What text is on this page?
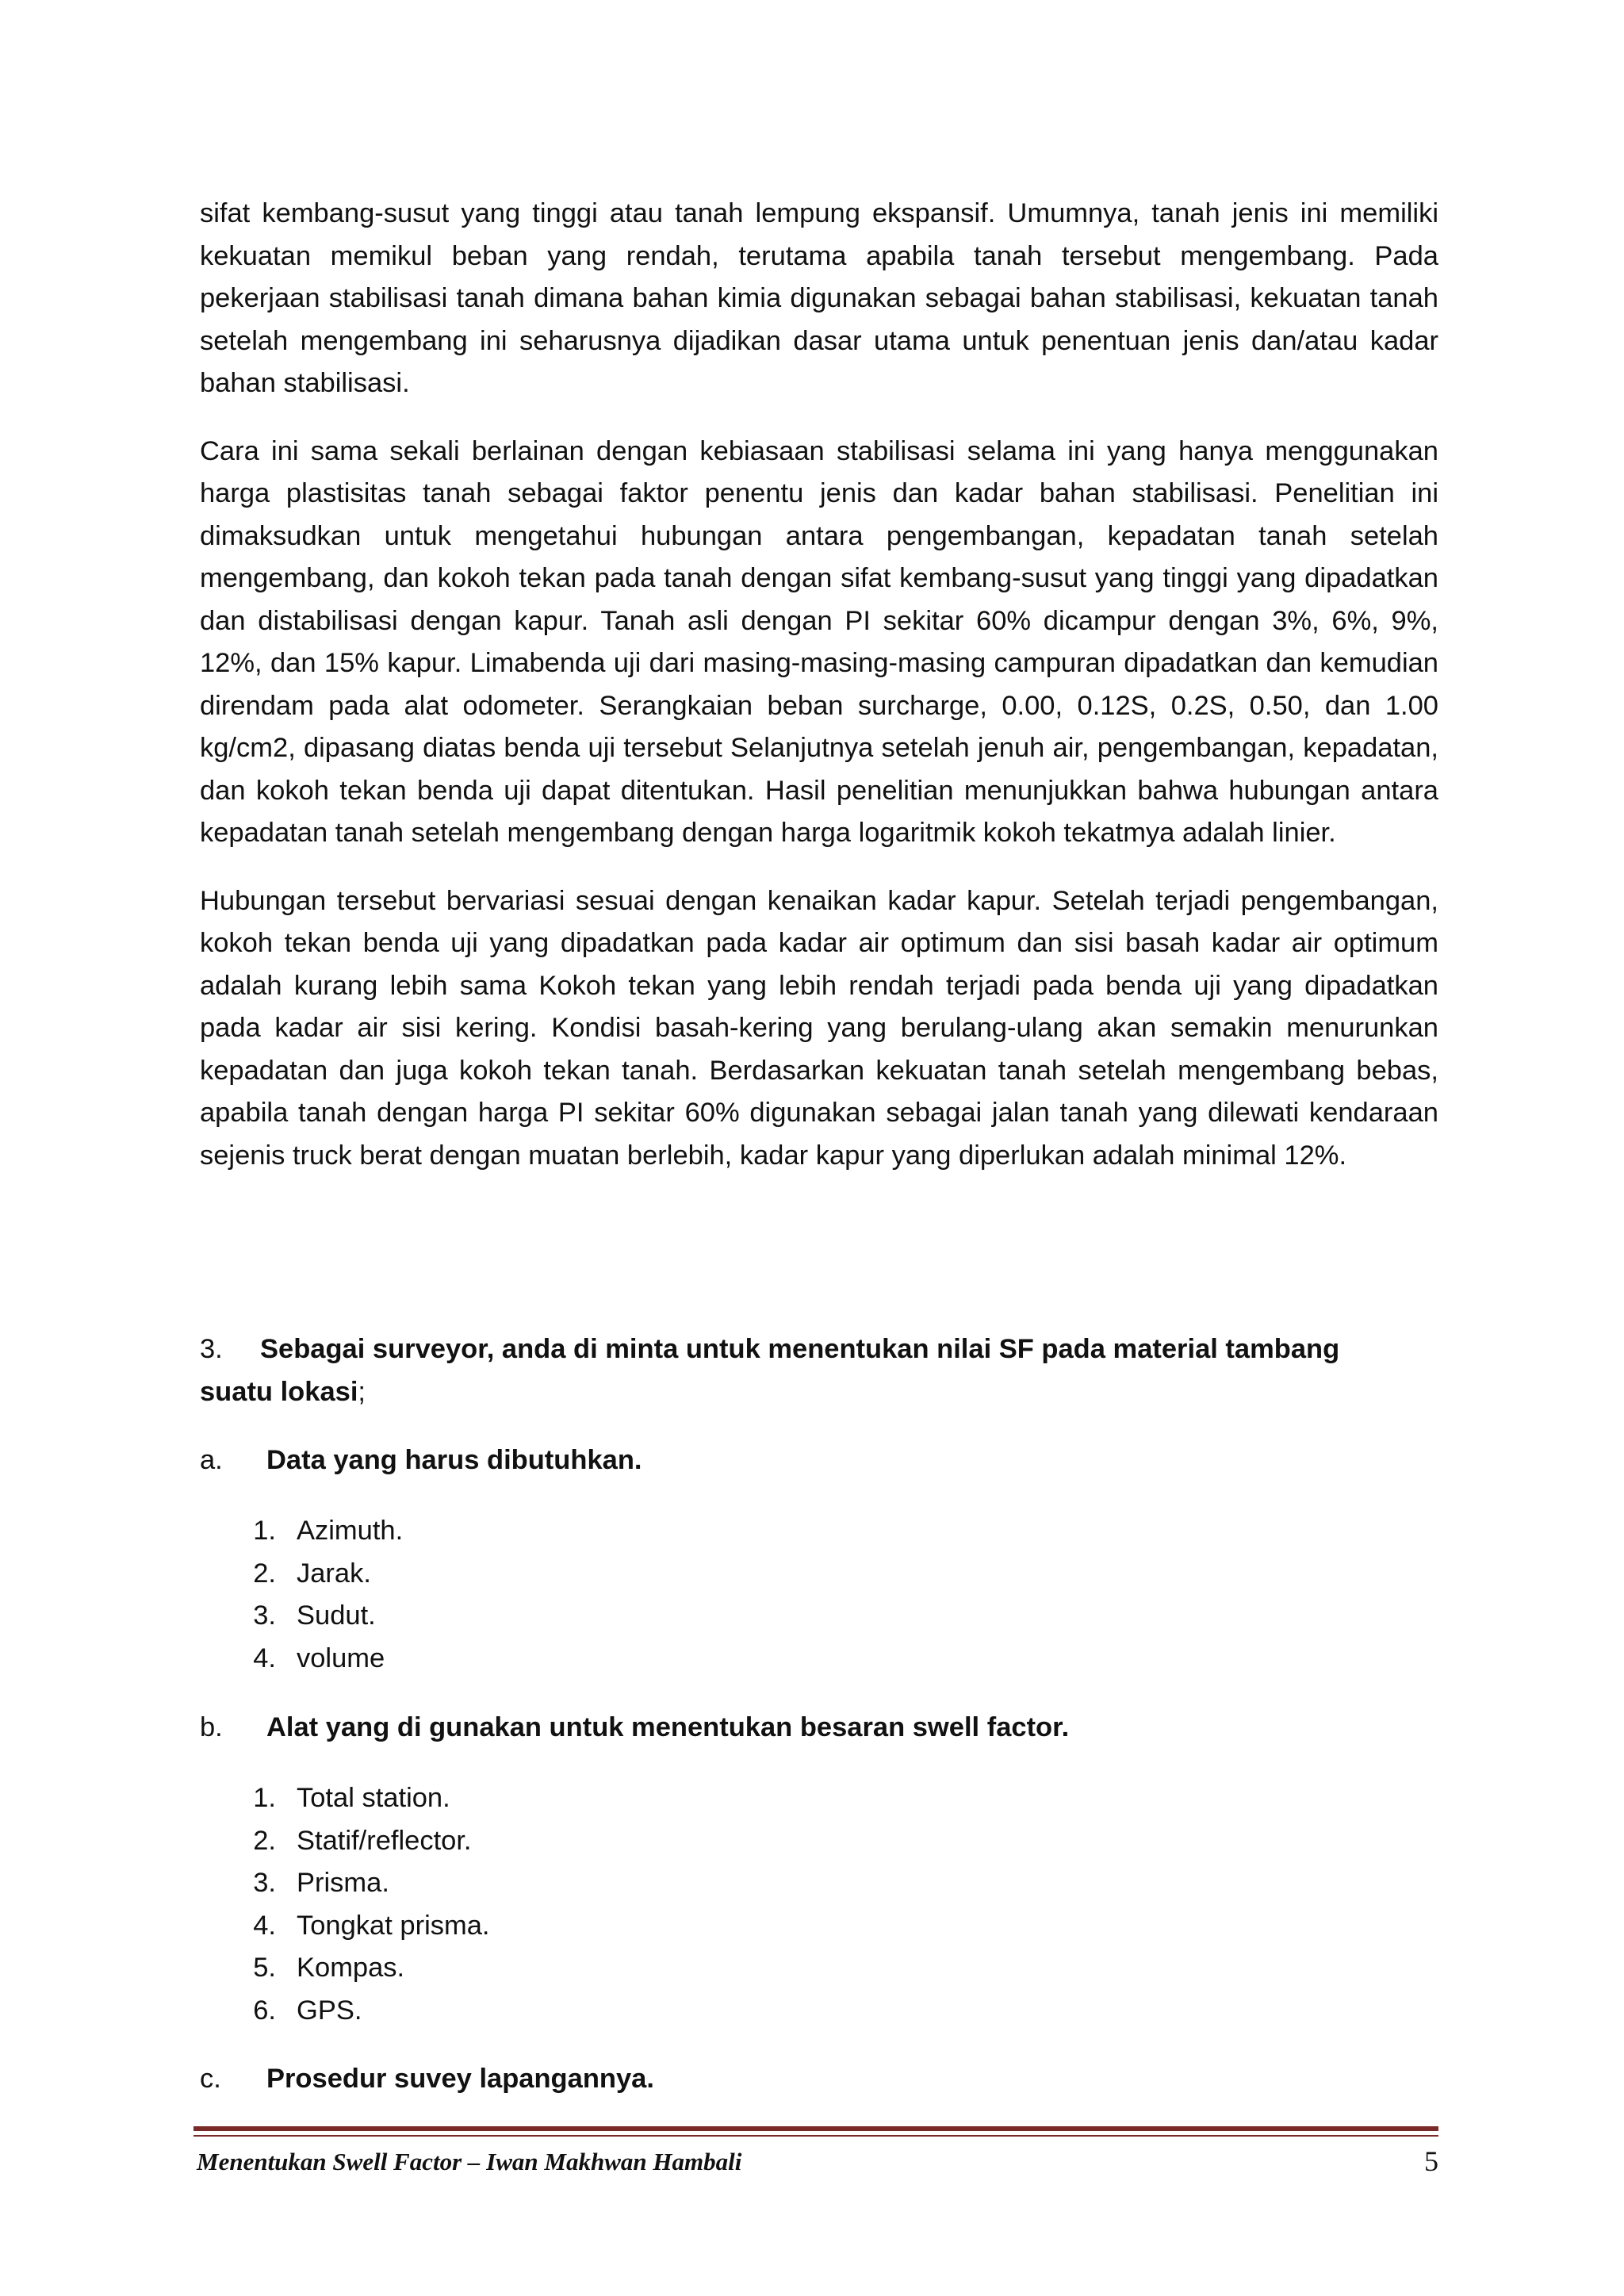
sifat kembang-susut yang tinggi atau tanah lempung ekspansif. Umumnya, tanah jenis ini memiliki kekuatan memikul beban yang rendah, terutama apabila tanah tersebut mengembang. Pada pekerjaan stabilisasi tanah dimana bahan kimia digunakan sebagai bahan stabilisasi, kekuatan tanah setelah mengembang ini seharusnya dijadikan dasar utama untuk penentuan jenis dan/atau kadar bahan stabilisasi.

Cara ini sama sekali berlainan dengan kebiasaan stabilisasi selama ini yang hanya menggunakan harga plastisitas tanah sebagai faktor penentu jenis dan kadar bahan stabilisasi. Penelitian ini dimaksudkan untuk mengetahui hubungan antara pengembangan, kepadatan tanah setelah mengembang, dan kokoh tekan pada tanah dengan sifat kembang-susut yang tinggi yang dipadatkan dan distabilisasi dengan kapur. Tanah asli dengan PI sekitar 60% dicampur dengan 3%, 6%, 9%, 12%, dan 15% kapur. Limabenda uji dari masing-masing-masing campuran dipadatkan dan kemudian direndam pada alat odometer. Serangkaian beban surcharge, 0.00, 0.12S, 0.2S, 0.50, dan 1.00 kg/cm2, dipasang diatas benda uji tersebut Selanjutnya setelah jenuh air, pengembangan, kepadatan, dan kokoh tekan benda uji dapat ditentukan. Hasil penelitian menunjukkan bahwa hubungan antara kepadatan tanah setelah mengembang dengan harga logaritmik kokoh tekatmya adalah linier.

Hubungan tersebut bervariasi sesuai dengan kenaikan kadar kapur. Setelah terjadi pengembangan, kokoh tekan benda uji yang dipadatkan pada kadar air optimum dan sisi basah kadar air optimum adalah kurang lebih sama Kokoh tekan yang lebih rendah terjadi pada benda uji yang dipadatkan pada kadar air sisi kering. Kondisi basah-kering yang berulang-ulang akan semakin menurunkan kepadatan dan juga kokoh tekan tanah. Berdasarkan kekuatan tanah setelah mengembang bebas, apabila tanah dengan harga PI sekitar 60% digunakan sebagai jalan tanah yang dilewati kendaraan sejenis truck berat dengan muatan berlebih, kadar kapur yang diperlukan adalah minimal 12%.

3. Sebagai surveyor, anda di minta untuk menentukan nilai SF pada material tambang suatu lokasi;
a. Data yang harus dibutuhkan.
1. Azimuth.
2. Jarak.
3. Sudut.
4. volume
b. Alat yang di gunakan untuk menentukan besaran swell factor.
1. Total station.
2. Statif/reflector.
3. Prisma.
4. Tongkat prisma.
5. Kompas.
6. GPS.
c. Prosedur suvey lapangannya.
Menentukan Swell Factor – Iwan Makhwan Hambali	5
